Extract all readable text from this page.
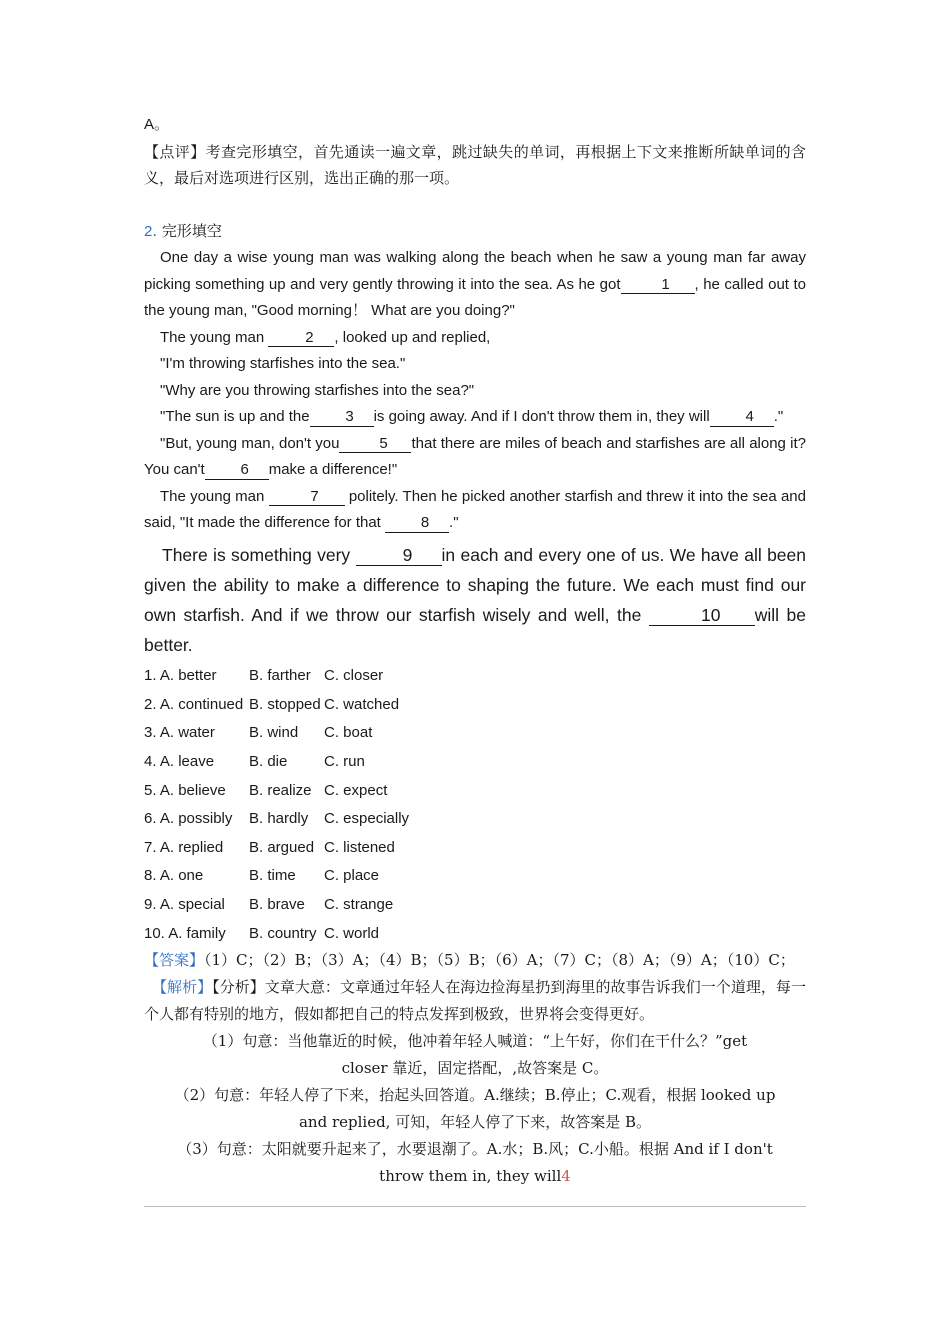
A。

【点评】考查完形填空，首先通读一遍文章，跳过缺失的单词，再根据上下文来推断所缺单词的含义，最后对选项进行区别，选出正确的那一项。

2. 完形填空

One day a wise young man was walking along the beach when he saw a young man far away picking something up and very gently throwing it into the sea. As he got	1 , he called out to the young man, "Good morning！ What are you doing?"

The young man 2 , looked up and replied,

"I'm throwing starfishes into the sea."

"Why are you throwing starfishes into the sea?"

"The sun is up and the 3 is going away. And if I don't throw them in, they will 4 ."

"But, young man, don't you	5 that there are miles of beach and starfishes are all along it? You can't 6 make a difference!"

The young man	7 politely. Then he picked another starfish and threw it into the sea and said, "It made the difference for that 8 ."

There is something very	9 in each and every one of us. We have all been given the ability to make a difference to shaping the future. We each must find our own starfish. And if we throw our starfish wisely and well, the	10 will be better.

1. A. better	B. farther C. closer
2. A. continued B. stopped C. watched
3. A. water	B. wind	C. boat
4. A. leave	B. die	C. run
5. A. believe	B. realize C. expect
6. A. possibly	B. hardly	C. especially
7. A. replied	B. argued C. listened
8. A. one	B. time	C. place
9. A. special	B. brave	C. strange
10. A. family	B. country C. world

【答案】（1）C；（2）B；（3）A；（4）B；（5）B；（6）A；（7）C；（8）A；（9）A；（10）C；

【解析】【分析】文章大意：文章通过年轻人在海边捡海星扔到海里的故事告诉我们一个道理，每一个人都有特别的地方，假如都把自己的特点发挥到极致，世界将会变得更好。

（1）句意：当他靠近的时候，他冲着年轻人喊道：“上午好，你们在干什么？”get

closer 靠近，固定搭配，,故答案是 C。

（2）句意：年轻人停了下来，抬起头回答道。A.继续；B.停止；C.观看，根据 looked up

and replied, 可知，年轻人停了下来，故答案是 B。

（3）句意：太阳就要升起来了，水要退潮了。A.水；B.风；C.小船。根据 And if I don't

throw them in, they will4
